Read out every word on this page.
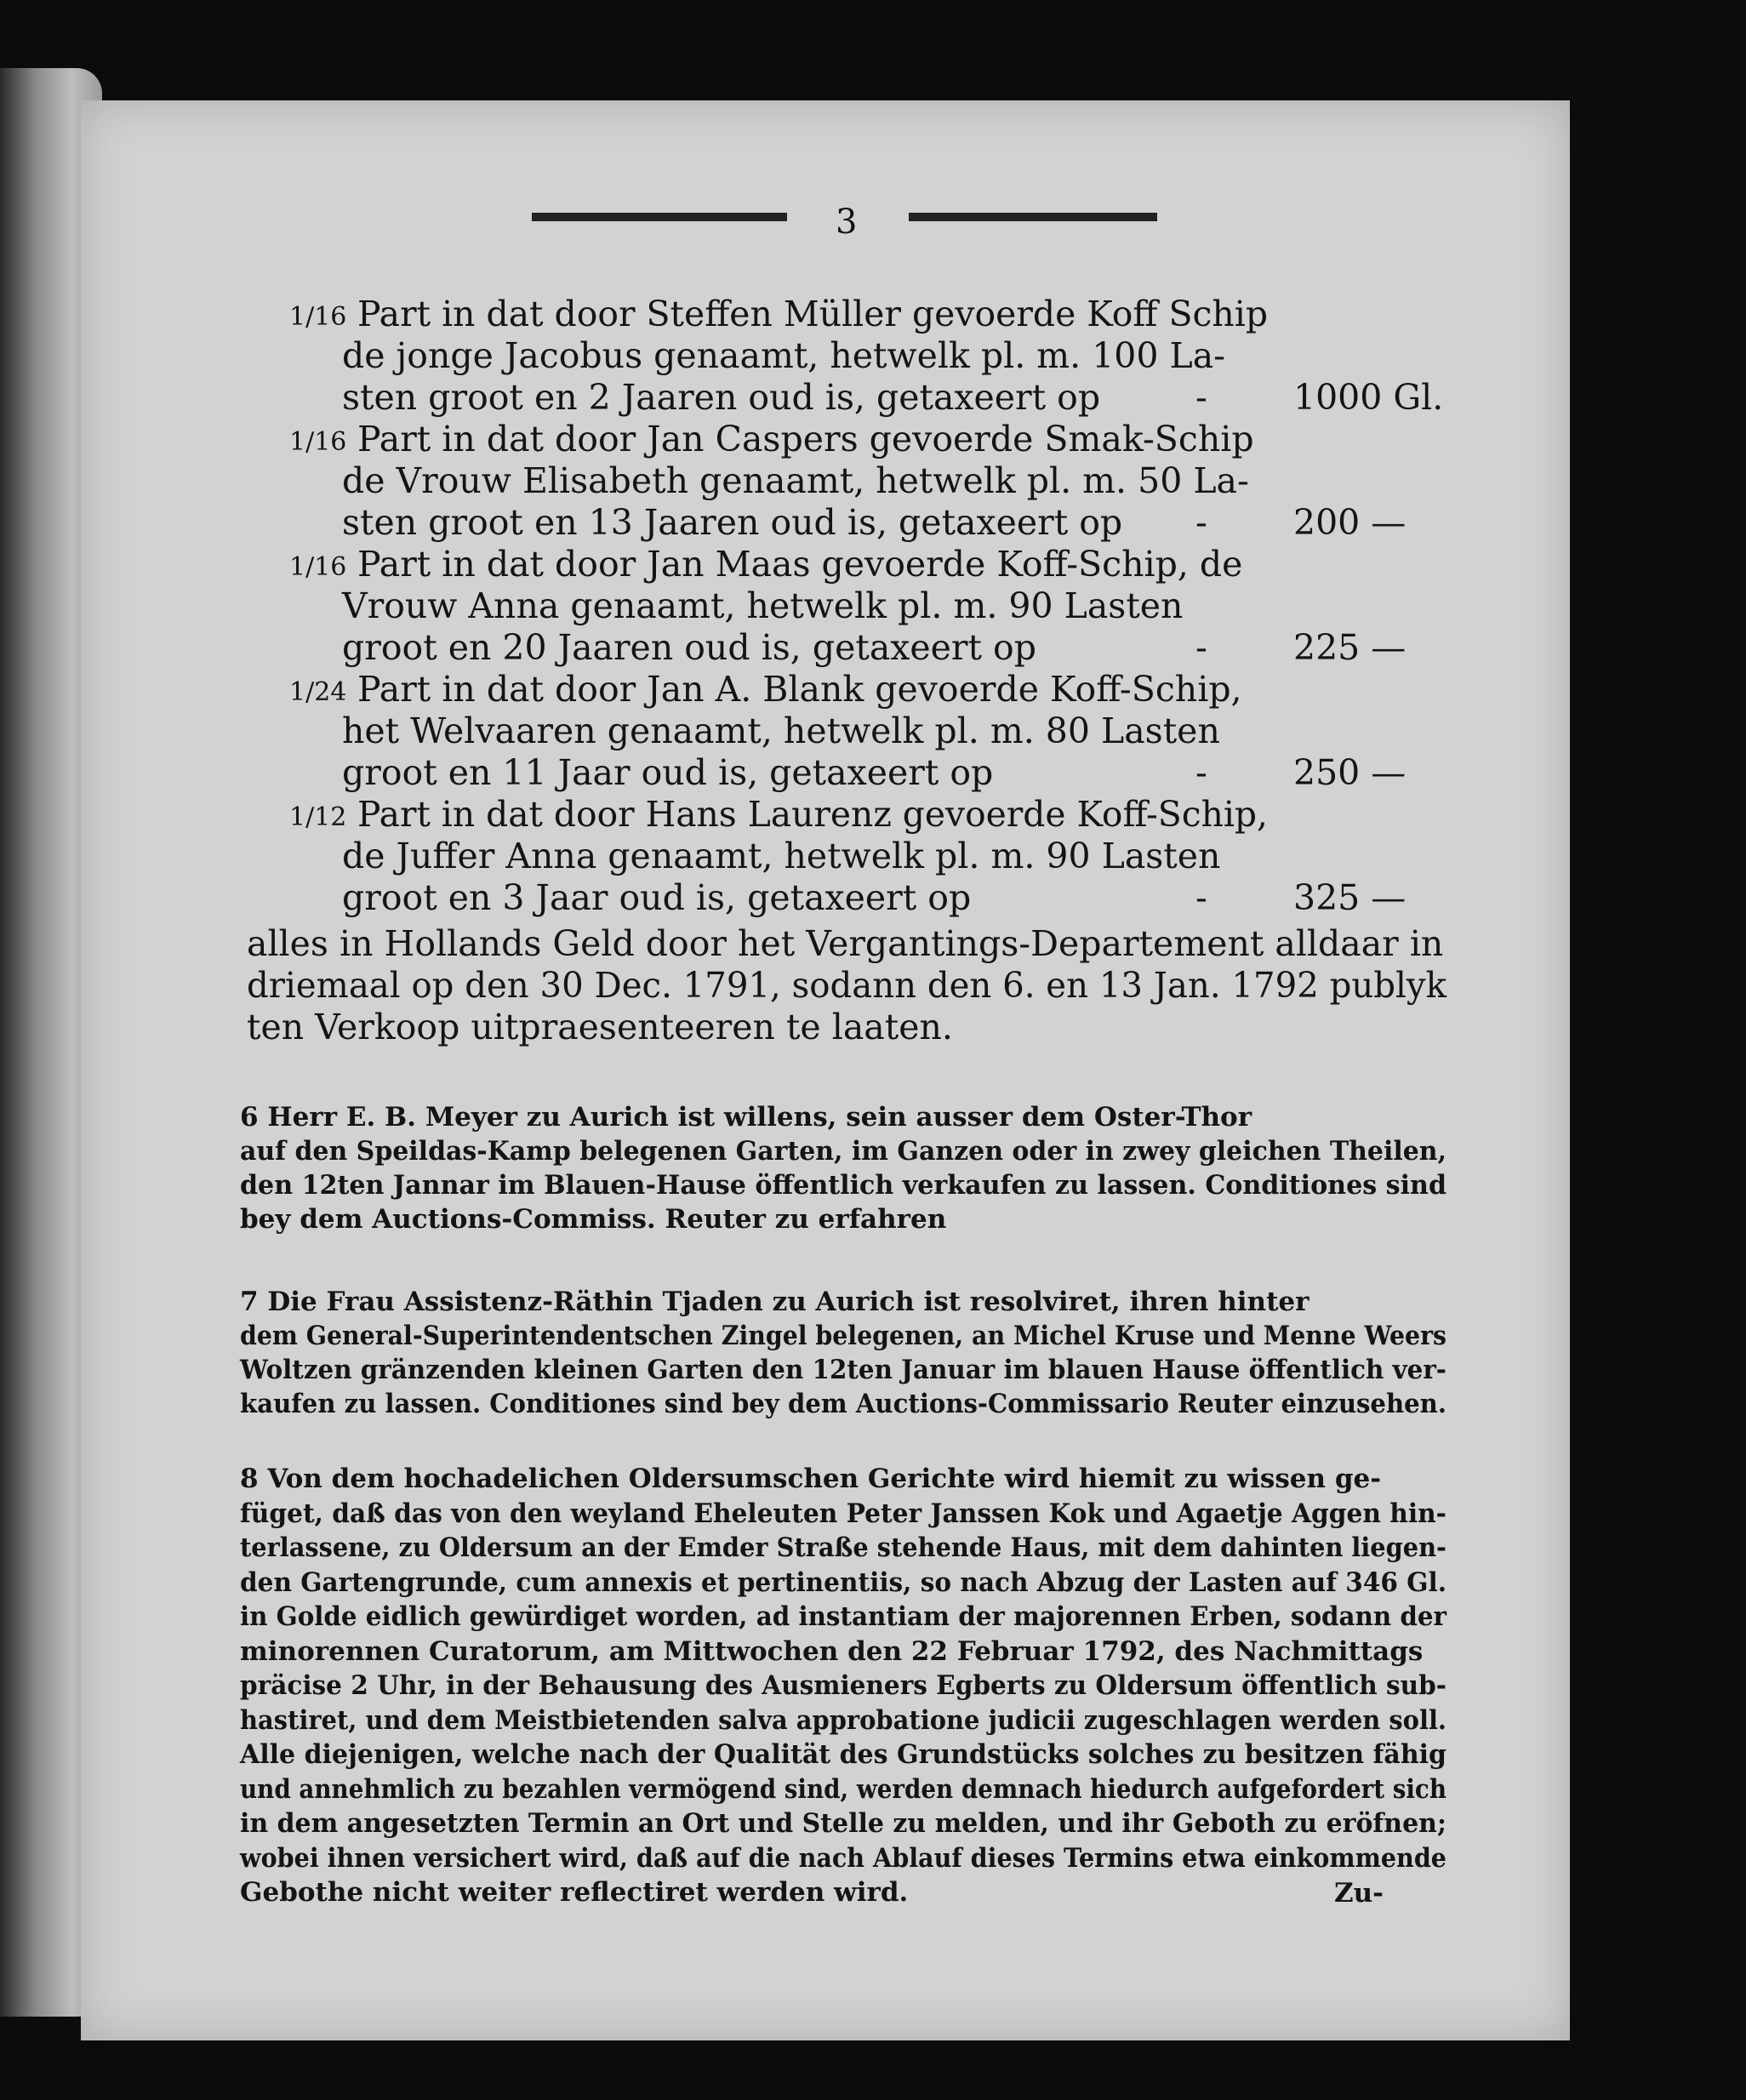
3
1/16 Part in dat door Steffen Müller gevoerde Koff Schip
de jonge Jacobus genaamt, hetwelk pl. m. 100 La-
sten groot en 2 Jaaren oud is, getaxeert op	- 1000 Gl.
1/16 Part in dat door Jan Caspers gevoerde Smak-Schip
de Vrouw Elisabeth genaamt, hetwelk pl. m. 50 La-
sten groot en 13 Jaaren oud is, getaxeert op - 200 —
1/16 Part in dat door Jan Maas gevoerde Koff-Schip, de
Vrouw Anna genaamt, hetwelk pl. m. 90 Lasten
groot en 20 Jaaren oud is, getaxeert op	- 225 —
1/24 Part in dat door Jan A. Blank gevoerde Koff-Schip,
het Welvaaren genaamt, hetwelk pl. m. 80 Lasten
groot en 11 Jaar oud is, getaxeert op	- 250 —
1/12 Part in dat door Hans Laurenz gevoerde Koff-Schip,
de Juffer Anna genaamt, hetwelk pl. m. 90 Lasten
groot en 3 Jaar oud is, getaxeert op	- 325 —
alles in Hollands Geld door het Vergantings-Departement alldaar in
driemaal op den 30 Dec. 1791, sodann den 6. en 13 Jan. 1792 publyk
ten Verkoop uitpraesenteeren te laaten.
6 Herr E. B. Meyer zu Aurich ist willens, sein ausser dem Oster-Thor
auf den Speildas-Kamp belegenen Garten, im Ganzen oder in zwey gleichen Theilen,
den 12ten Jannar im Blauen-Hause öffentlich verkaufen zu lassen. Conditiones sind
bey dem Auctions-Commiss. Reuter zu erfahren
7 Die Frau Assistenz-Räthin Tjaden zu Aurich ist resolviret, ihren hinter
dem General-Superintendentschen Zingel belegenen, an Michel Kruse und Menne Weers
Woltzen gränzenden kleinen Garten den 12ten Januar im blauen Hause öffentlich ver-
kaufen zu lassen. Conditiones sind bey dem Auctions-Commissario Reuter einzusehen.
8 Von dem hochadelichen Oldersumschen Gerichte wird hiemit zu wissen ge-
füget, daß das von den weyland Eheleuten Peter Janssen Kok und Agaetje Aggen hin-
terlassene, zu Oldersum an der Emder Straße stehende Haus, mit dem dahinten liegen-
den Gartengrunde, cum annexis et pertinentiis, so nach Abzug der Lasten auf 346 Gl.
in Golde eidlich gewürdiget worden, ad instantiam der majorennen Erben, sodann der
minorennen Curatorum, am Mittwochen den 22 Februar 1792, des Nachmittags
präcise 2 Uhr, in der Behausung des Ausmieners Egberts zu Oldersum öffentlich sub-
hastiret, und dem Meistbietenden salva approbatione judicii zugeschlagen werden soll.
Alle diejenigen, welche nach der Qualität des Grundstücks solches zu besitzen fähig
und annehmlich zu bezahlen vermögend sind, werden demnach hiedurch aufgefordert sich
in dem angesetzten Termin an Ort und Stelle zu melden, und ihr Geboth zu eröfnen;
wobei ihnen versichert wird, daß auf die nach Ablauf dieses Termins etwa einkommende
Gebothe nicht weiter reflectiret werden wird.	Zu-
